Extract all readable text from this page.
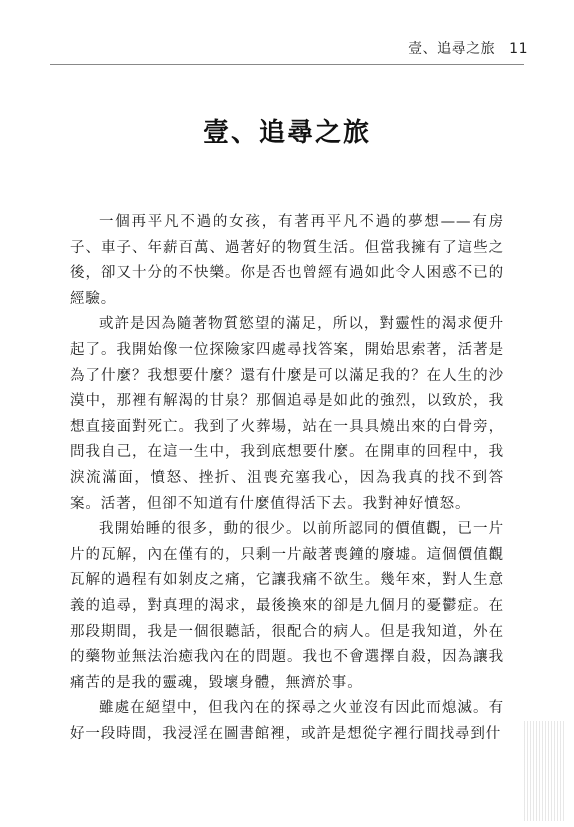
壹、追尋之旅 11
壹、追尋之旅

一個再平凡不過的女孩，有著再平凡不過的夢想——有房子、車子、年薪百萬、過著好的物質生活。但當我擁有了這些之後，卻又十分的不快樂。你是否也曾經有過如此令人困惑不已的經驗。

或許是因為隨著物質慾望的滿足，所以，對靈性的渴求便升起了。我開始像一位探險家四處尋找答案，開始思索著，活著是為了什麼？我想要什麼？還有什麼是可以滿足我的？在人生的沙漠中，那裡有解渴的甘泉？那個追尋是如此的強烈，以致於，我想直接面對死亡。我到了火葬場，站在一具具燒出來的白骨旁，問我自己，在這一生中，我到底想要什麼。在開車的回程中，我淚流滿面，憤怒、挫折、沮喪充塞我心，因為我真的找不到答案。活著，但卻不知道有什麼值得活下去。我對神好憤怒。

我開始睡的很多，動的很少。以前所認同的價值觀，已一片片的瓦解，內在僅有的，只剩一片敲著喪鐘的廢墟。這個價值觀瓦解的過程有如剝皮之痛，它讓我痛不欲生。幾年來，對人生意義的追尋，對真理的渴求，最後換來的卻是九個月的憂鬱症。在那段期間，我是一個很聽話，很配合的病人。但是我知道，外在的藥物並無法治癒我內在的問題。我也不會選擇自殺，因為讓我痛苦的是我的靈魂，毀壞身體，無濟於事。

雖處在絕望中，但我內在的探尋之火並沒有因此而熄滅。有好一段時間，我浸淫在圖書館裡，或許是想從字裡行間找尋到什
